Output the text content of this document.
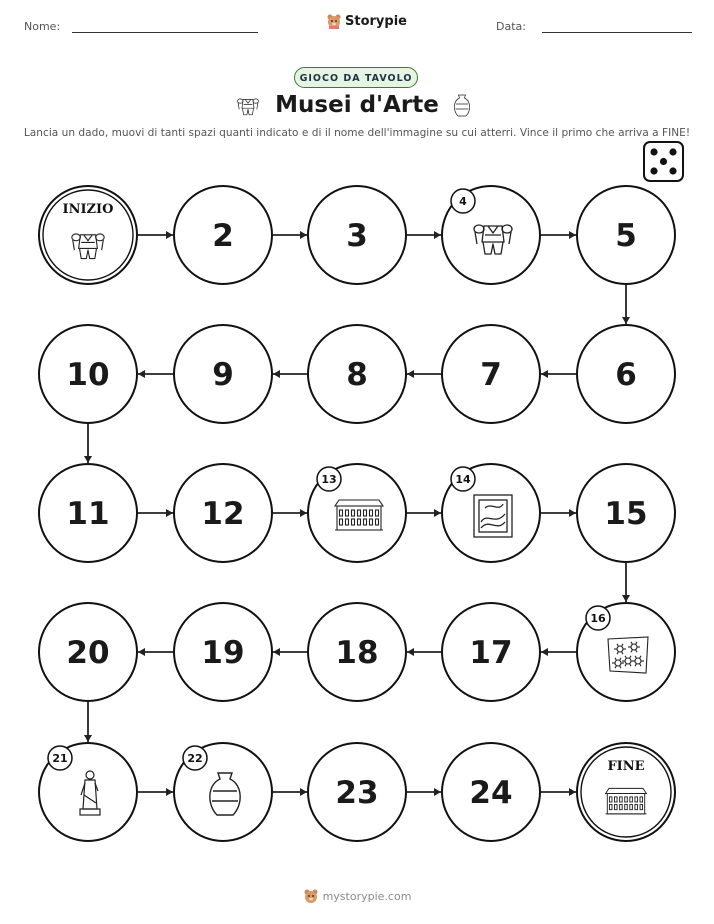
Nome:	Data:
Storypie
GIOCO DA TAVOLO
Musei d'Arte
Lancia un dado, muovi di tanti spazi quanti indicato e di il nome dell'immagine su cui atterri. Vince il primo che arriva a FINE!
INIZIO
2	3
4
5
6
7
8
9
10
11	12
13	14
15
16
17
18
19
20
21	22
23	24
FINE
mystorypie.com
